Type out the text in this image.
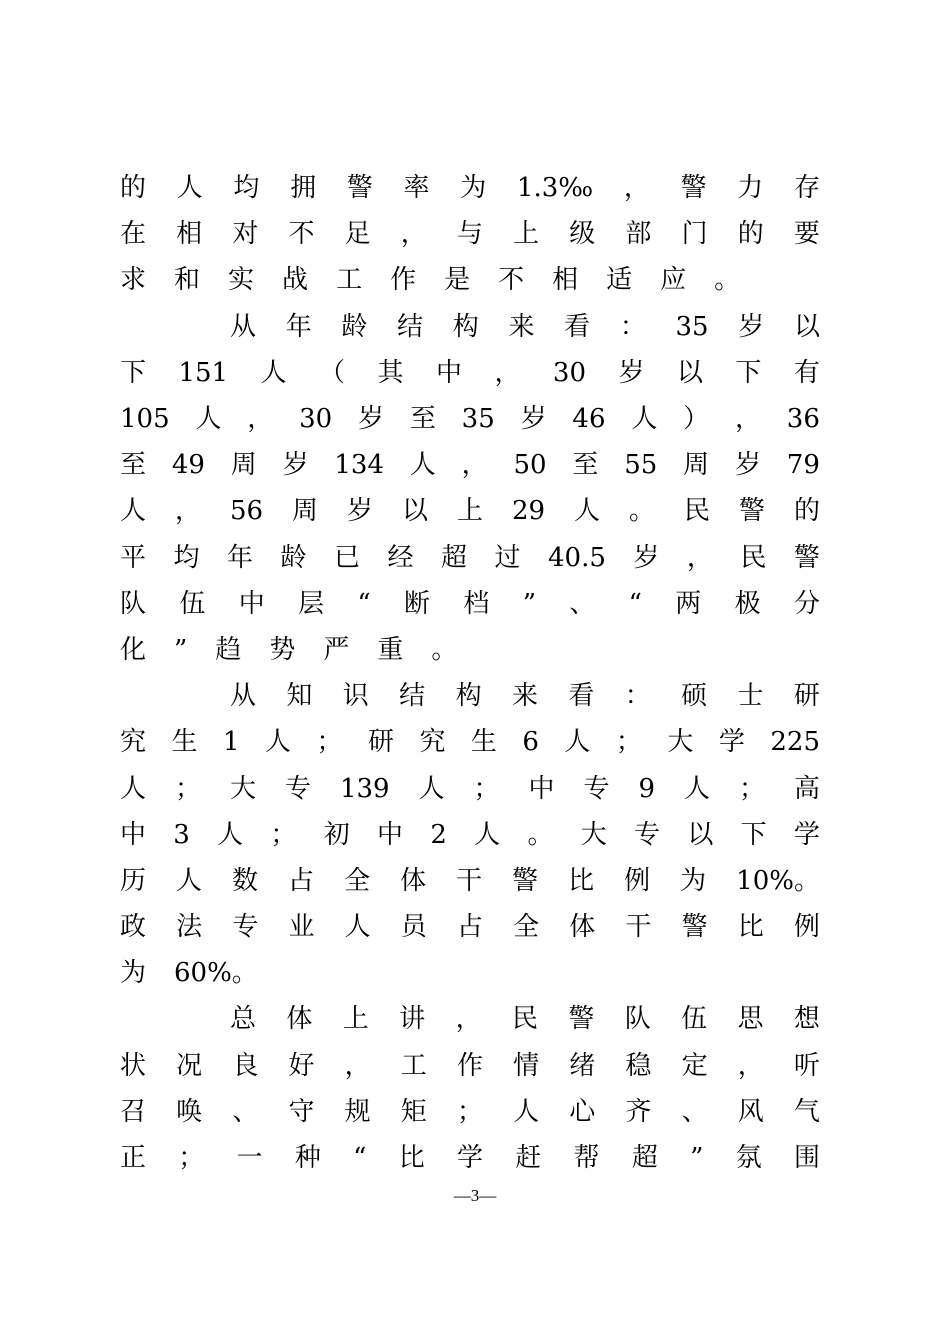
的 人 均 拥 警 率 为 1.3‰ ， 警 力 存
在 相 对 不 足 ， 与 上 级 部 门 的 要
求 和 实 战 工 作 是 不 相 适 应 。
从 年 龄 结 构 来 看 ： 35 岁 以
下 151 人 （ 其 中 ， 30 岁 以 下 有
105 人 ， 30 岁 至 35 岁 46 人 ） ， 36
至 49 周 岁 134 人 ， 50 至 55 周 岁 79
人 ， 56 周 岁 以 上 29 人 。 民 警 的
平 均 年 龄 已 经 超 过 40.5 岁 ， 民 警
队 伍 中 层 “ 断 档 ” 、 “ 两 极 分
化 ” 趋 势 严 重 。
从 知 识 结 构 来 看 ： 硕 士 研
究 生 1 人 ； 研 究 生 6 人 ； 大 学 225
人 ； 大 专 139 人 ； 中 专 9 人 ； 高
中 3 人 ； 初 中 2 人 。 大 专 以 下 学
历 人 数 占 全 体 干 警 比 例 为 10%。
政 法 专 业 人 员 占 全 体 干 警 比 例
为 60%。
总 体 上 讲 ， 民 警 队 伍 思 想
状 况 良 好 ， 工 作 情 绪 稳 定 ， 听
召 唤 、 守 规 矩 ； 人 心 齐 、 风 气
正 ； 一 种 “ 比 学 赶 帮 超 ” 氛 围
—3—
